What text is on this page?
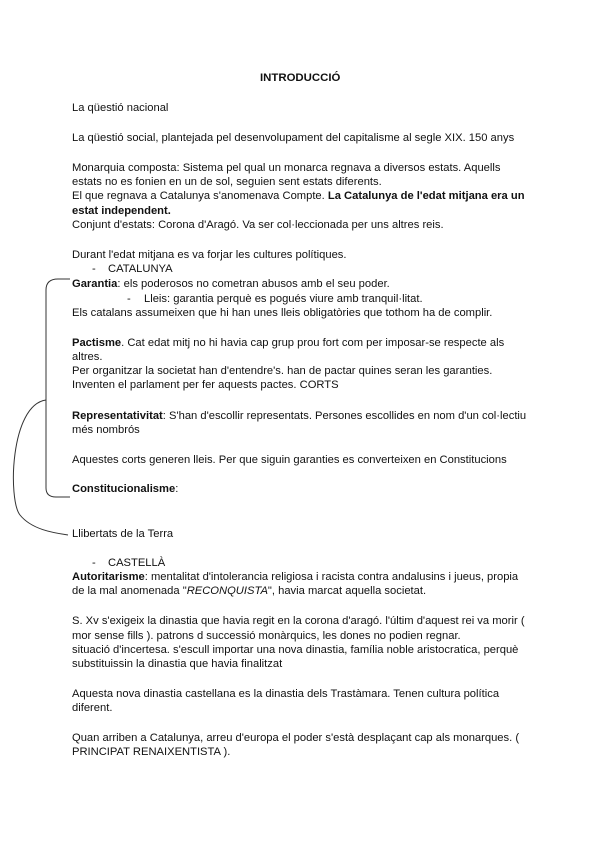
INTRODUCCIÓ
La qüestió nacional
La qüestió social, plantejada pel desenvolupament del capitalisme al segle XIX. 150 anys
Monarquia composta: Sistema pel qual un monarca regnava a diversos estats. Aquells
estats no es fonien en un de sol, seguien sent estats diferents.
El que regnava a Catalunya s'anomenava Compte. La Catalunya de l'edat mitjana era un
estat independent.
Conjunt d'estats: Corona d'Aragó. Va ser col·leccionada per uns altres reis.
Durant l'edat mitjana es va forjar les cultures polítiques.
- CATALUNYA
Garantia: els poderosos no cometran abusos amb el seu poder.
- Lleis: garantia perquè es pogués viure amb tranquil·litat.
Els catalans assumeixen que hi han unes lleis obligatòries que tothom ha de complir.
Pactisme. Cat edat mitj no hi havia cap grup prou fort com per imposar-se respecte als
altres.
Per organitzar la societat han d'entendre's. han de pactar quines seran les garanties.
Inventen el parlament per fer aquests pactes. CORTS
Representativitat: S'han d'escollir representats. Persones escollides en nom d'un col·lectiu
més nombrós
Aquestes corts generen lleis. Per que siguin garanties es converteixen en Constitucions
Constitucionalisme:
Llibertats de la Terra
- CASTELLÀ
Autoritarisme: mentalitat d'intolerancia religiosa i racista contra andalusins i jueus, propia
de la mal anomenada "RECONQUISTA", havia marcat aquella societat.
S. Xv s'exigeix la dinastia que havia regit en la corona d'aragó. l'últim d'aquest rei va morir (
mor sense fills ). patrons d successió monàrquics, les dones no podien regnar.
situació d'incertesa. s'escull importar una nova dinastia, família noble aristocratica, perquè
substituissin la dinastia que havia finalitzat
Aquesta nova dinastia castellana es la dinastia dels Trastàmara. Tenen cultura política
diferent.
Quan arriben a Catalunya, arreu d'europa el poder s'està desplaçant cap als monarques. (
PRINCIPAT RENAIXENTISTA ).
